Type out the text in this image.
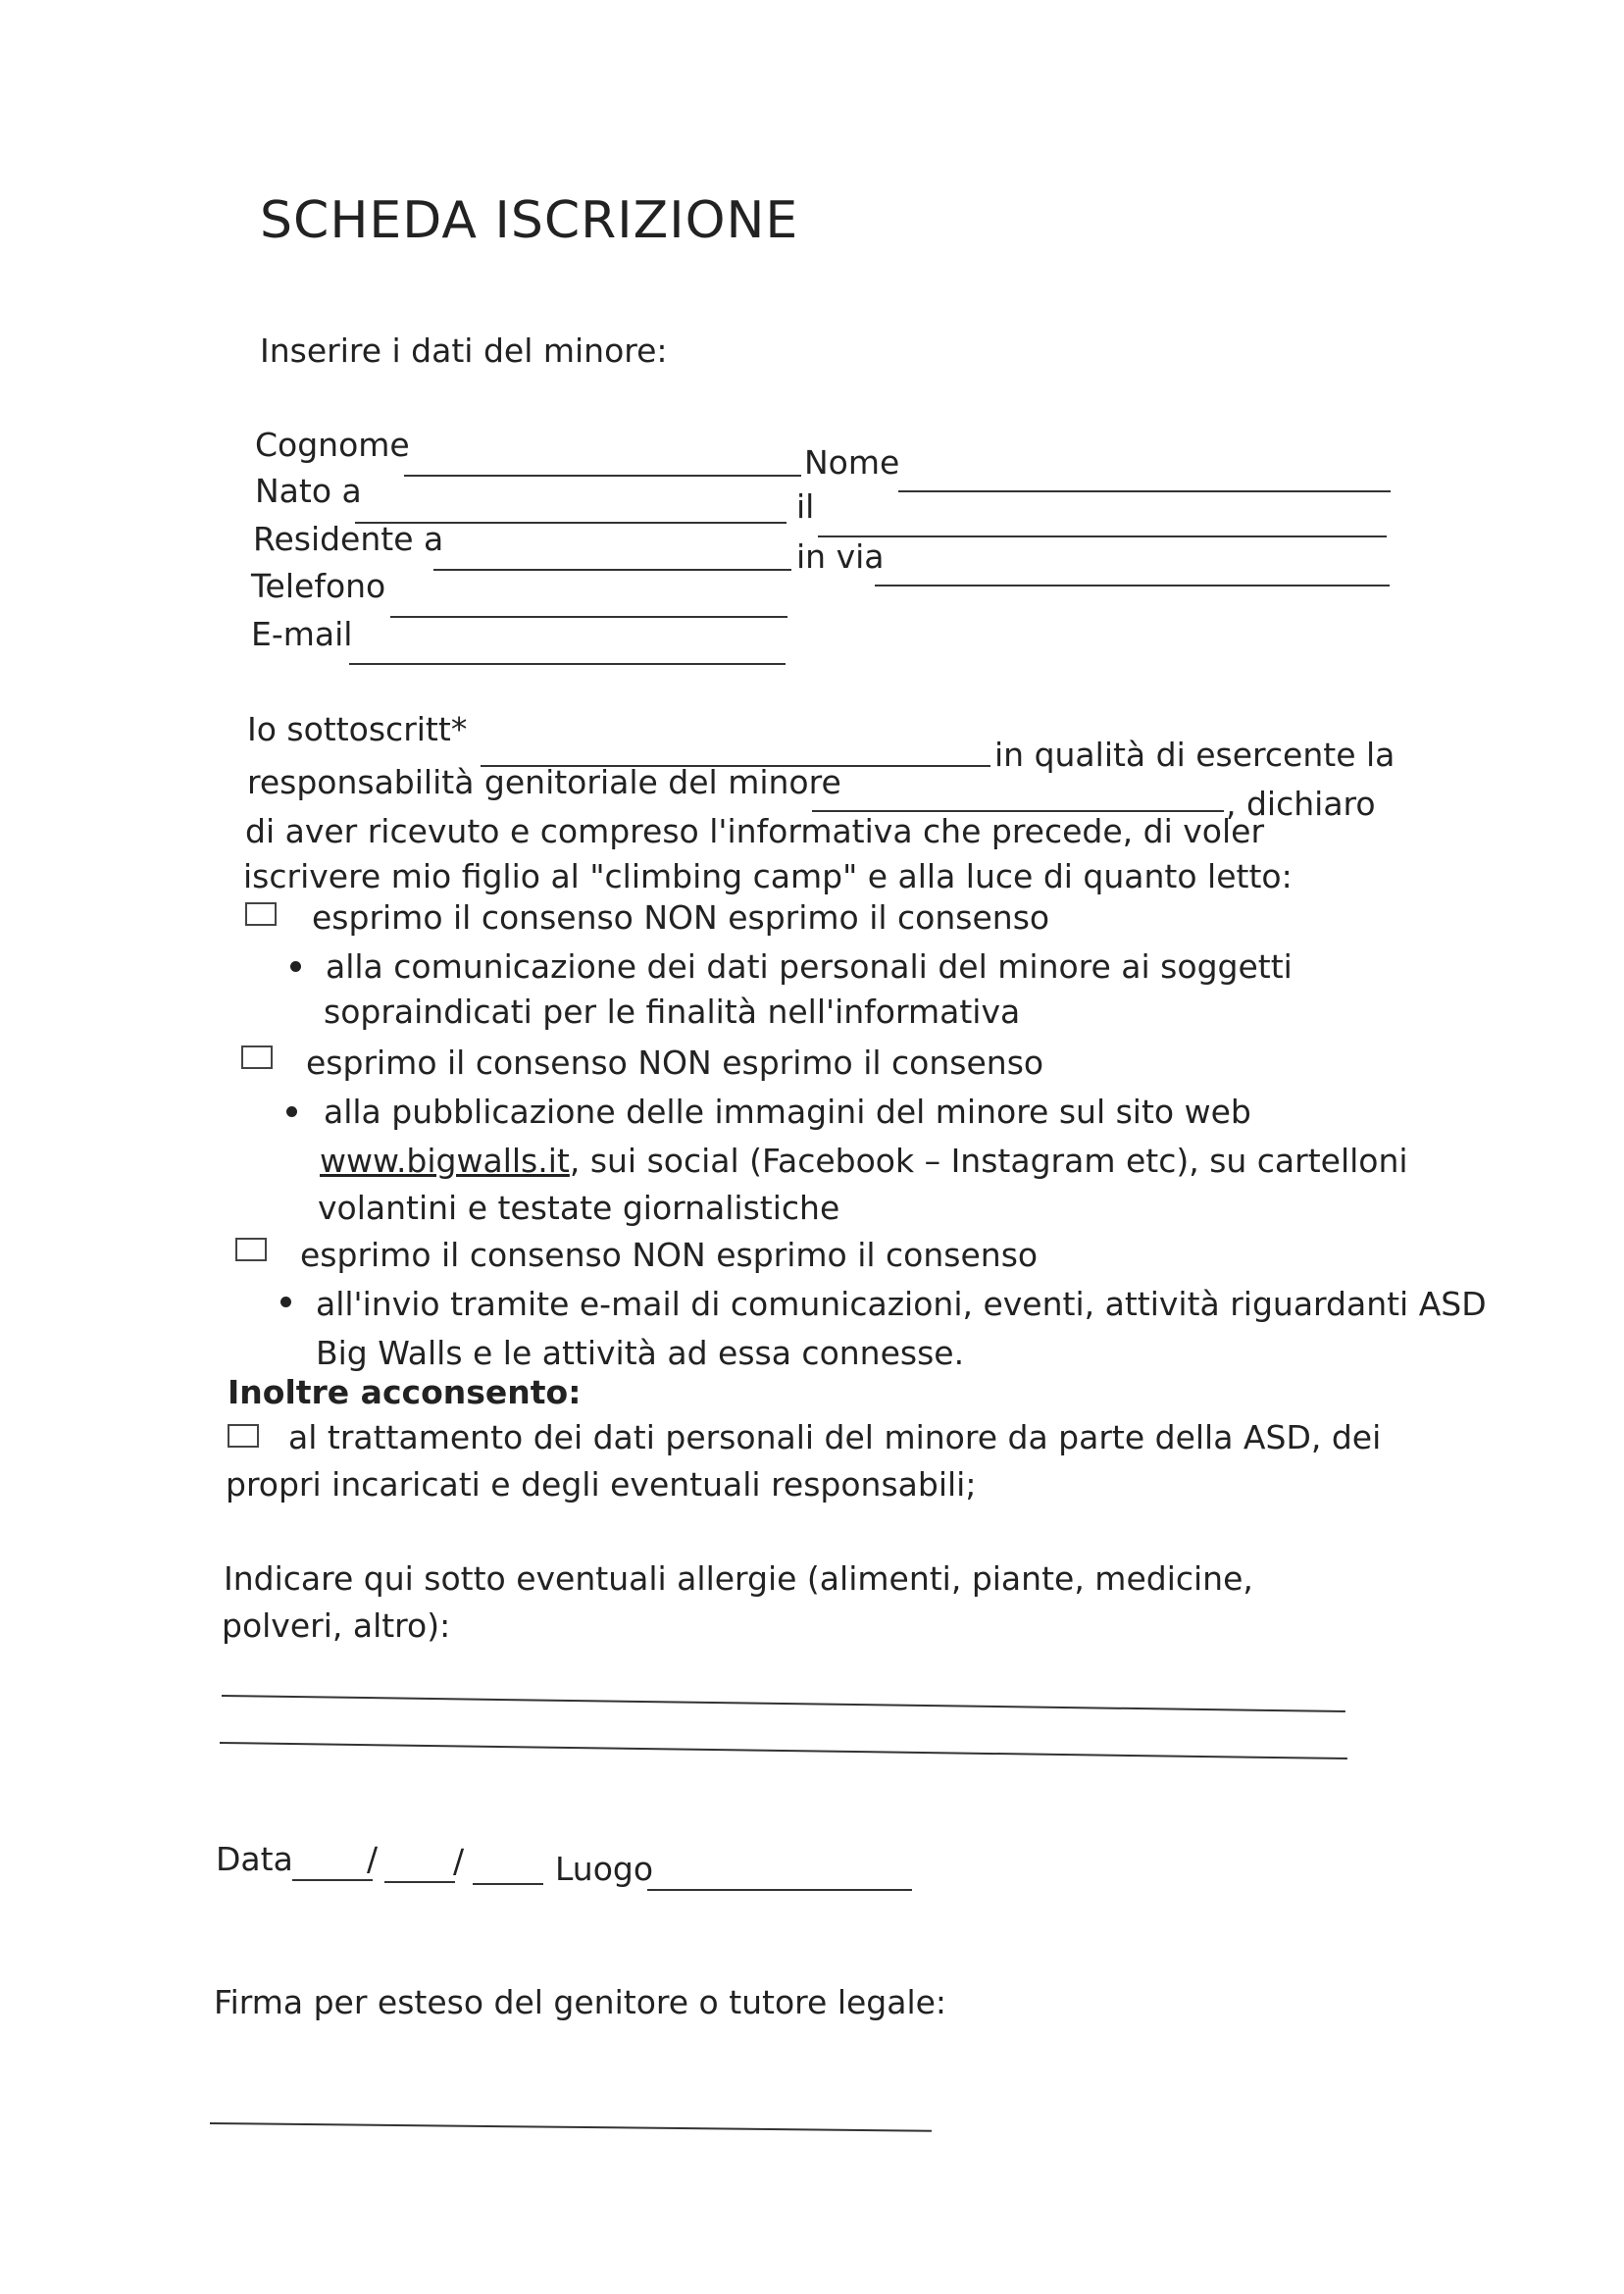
SCHEDA ISCRIZIONE
Inserire i dati del minore:
Cognome	Nome
Nato a	il
Residente a	in via
Telefono
E-mail
Io sottoscritt*
in qualità di esercente la
responsabilità genitoriale del minore
, dichiaro
di aver ricevuto e compreso l'informativa che precede, di voler
iscrivere mio figlio al "climbing camp" e alla luce di quanto letto:
esprimo il consenso NON esprimo il consenso
alla comunicazione dei dati personali del minore ai soggetti
sopraindicati per le finalità nell'informativa
esprimo il consenso NON esprimo il consenso
alla pubblicazione delle immagini del minore sul sito web
www.bigwalls.it, sui social (Facebook – Instagram etc), su cartelloni
volantini e testate giornalistiche
esprimo il consenso NON esprimo il consenso
all'invio tramite e-mail di comunicazioni, eventi, attività riguardanti ASD
Big Walls e le attività ad essa connesse.
Inoltre acconsento:
al trattamento dei dati personali del minore da parte della ASD, dei
propri incaricati e degli eventuali responsabili;
Indicare qui sotto eventuali allergie (alimenti, piante, medicine,
polveri, altro):
Data / /	Luogo
Firma per esteso del genitore o tutore legale:
